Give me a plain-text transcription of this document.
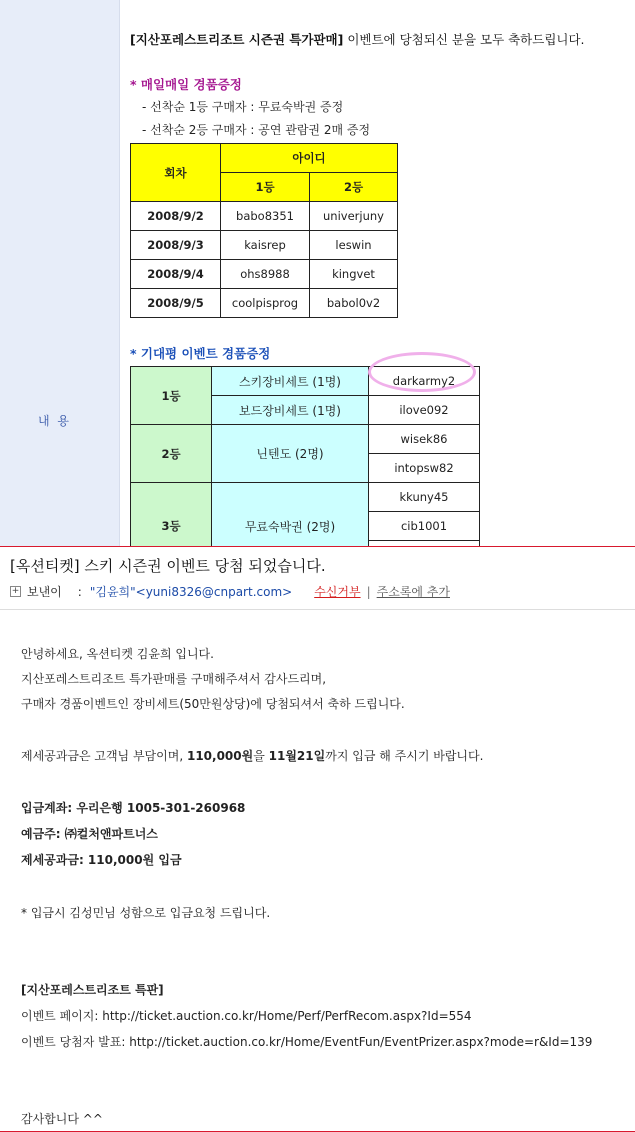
내 용
[지산포레스트리조트 시즌권 특가판매] 이벤트에 당첨되신 분을 모두 축하드립니다.
* 매일매일 경품증정
- 선착순 1등 구매자 : 무료숙박권 증정
- 선착순 2등 구매자 : 공연 관람권 2매 증정
회차	아이디	
	1등	2등
2008/9/2	babo8351	univerjuny
2008/9/3	kaisrep	leswin
2008/9/4	ohs8988	kingvet
2008/9/5	coolpisprog	babol0v2
* 기대평 이벤트 경품증정
1등	스키장비세트 (1명)	darkarmy2
	보드장비세트 (1명)	ilove092
2등	닌텐도 (2명)	wisek86
		intopsw82
3등	무료숙박권 (2명)	kkuny45
		cib1001

[옥션티켓] 스키 시즌권 이벤트 당첨 되었습니다.
+ 보낸이 : "김윤희"<yuni8326@cnpart.com> 수신거부 | 주소록에 추가
안녕하세요, 옥션티켓 김윤희 입니다.
지산포레스트리조트 특가판매를 구매해주셔서 감사드리며,
구매자 경품이벤트인 장비세트(50만원상당)에 당첨되셔서 축하 드립니다.
제세공과금은 고객님 부담이며, 110,000원을 11월21일까지 입금 해 주시기 바랍니다.
입금계좌: 우리은행 1005-301-260968
예금주: ㈜컬처앤파트너스
제세공과금: 110,000원 입금
* 입금시 김성민님 성함으로 입금요청 드립니다.
[지산포레스트리조트 특판]
이벤트 페이지: http://ticket.auction.co.kr/Home/Perf/PerfRecom.aspx?Id=554
이벤트 당첨자 발표: http://ticket.auction.co.kr/Home/EventFun/EventPrizer.aspx?mode=r&Id=139
감사합니다 ^^
